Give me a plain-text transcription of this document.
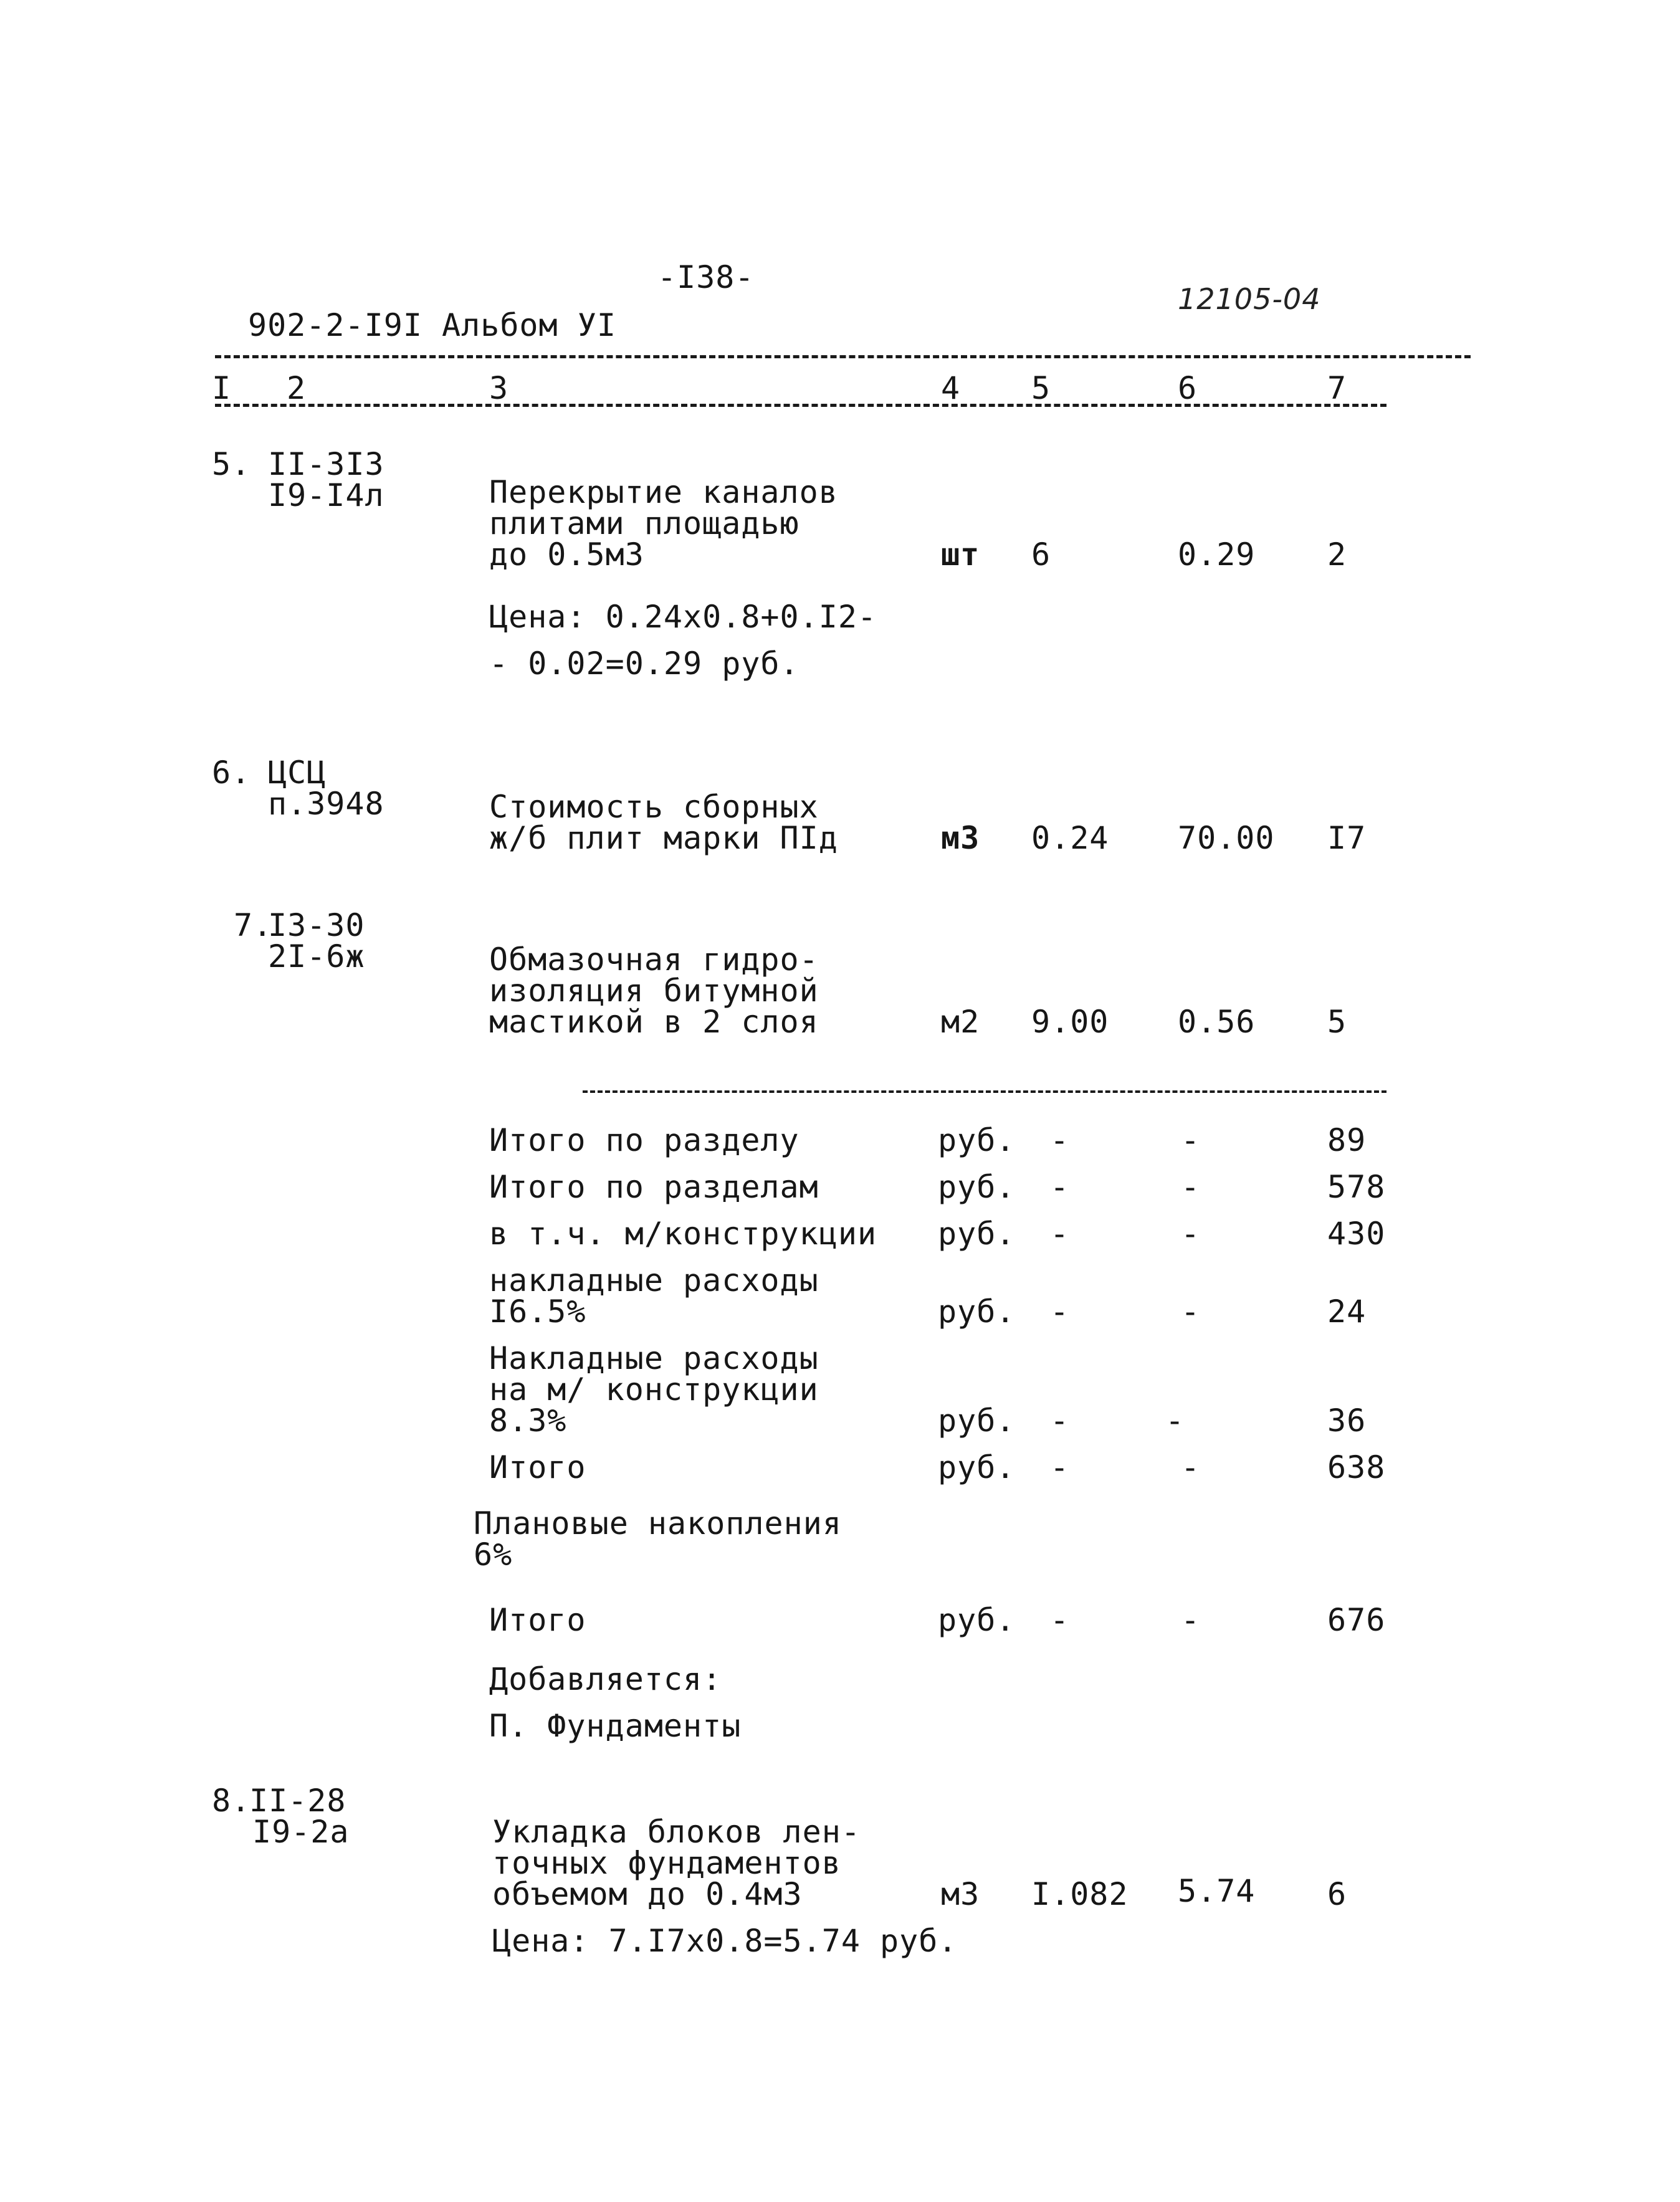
-I38-
902-2-I9I Альбом УI
12105-04
I 2	3	4 5	6	7
5. II-3I3
I9-I4л	Перекрытие каналов
плитами площадью
до 0.5м3	шт 6	0.29 2
Цена: 0.24x0.8+0.I2-
- 0.02=0.29 руб.
6. ЦСЦ
п.3948	Стоимость сборных
ж/б плит марки ПIд	м3 0.24 70.00 I7
7.
I3-30
2I-6ж	Обмазочная гидро-
изоляция битумной
мастикой в 2 слоя	м2 9.00 0.56 5
Итого по разделу	руб. -	-	89
Итого по разделам	руб. -	-	578
в т.ч. м/конструкции руб. -	-	430
накладные расходы
I6.5%	руб. -	-	24
Накладные расходы
на м/ конструкции
8.3%	руб. -	-	36
Итого	руб. -	-	638
Плановые накопления
6%
Итого	руб. -	-	676
Добавляется:
П. Фундаменты
8.
II-28
I9-2а	Укладка блоков лен-
точных фундаментов
объемом до 0.4м3	м3 I.082 5.74 6
Цена: 7.I7x0.8=5.74 руб.
